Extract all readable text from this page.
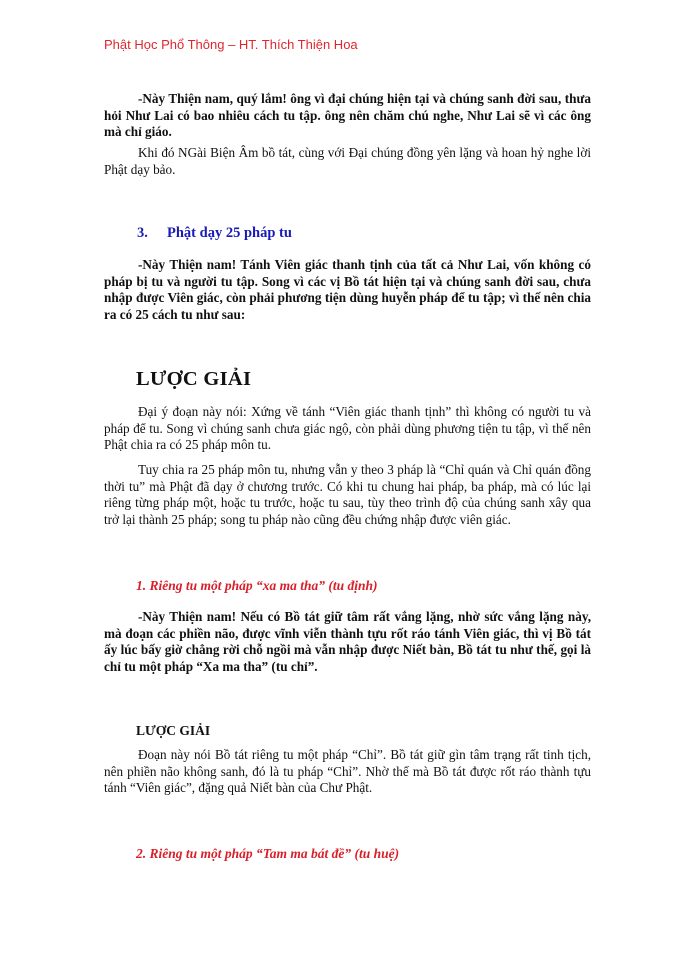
Phật Học Phổ Thông – HT. Thích Thiện Hoa
-Này Thiện nam, quý lắm! ông vì đại chúng hiện tại và chúng sanh đời sau, thưa hỏi Như Lai có bao nhiêu cách tu tập. ông nên chăm chú nghe, Như Lai sẽ vì các ông mà chỉ giáo.
Khi đó NGài Biện Âm bồ tát, cùng với Đại chúng đồng yên lặng và hoan hỷ nghe lời Phật dạy bảo.
3. Phật dạy 25 pháp tu
-Này Thiện nam! Tánh Viên giác thanh tịnh của tất cả Như Lai, vốn không có pháp bị tu và người tu tập. Song vì các vị Bồ tát hiện tại và chúng sanh đời sau, chưa nhập được Viên giác, còn phải phương tiện dùng huyễn pháp để tu tập; vì thế nên chia ra có 25 cách tu như sau:
LƯỢC GIẢI
Đại ý đoạn này nói: Xứng về tánh “Viên giác thanh tịnh” thì không có người tu và pháp để tu. Song vì chúng sanh chưa giác ngộ, còn phải dùng phương tiện tu tập, vì thế nên Phật chia ra có 25 pháp môn tu.
Tuy chia ra 25 pháp môn tu, nhưng vẫn y theo 3 pháp là “Chỉ quán và Chỉ quán đồng thời tu” mà Phật đã dạy ở chương trước. Có khi tu chung hai pháp, ba pháp, mà có lúc lại riêng từng pháp một, hoặc tu trước, hoặc tu sau, tùy theo trình độ của chúng sanh xây qua trở lại thành 25 pháp; song tu pháp nào cũng đều chứng nhập được viên giác.
1. Riêng tu một pháp “xa ma tha” (tu định)
-Này Thiện nam! Nếu có Bồ tát giữ tâm rất vắng lặng, nhờ sức vắng lặng này, mà đoạn các phiền não, được vĩnh viễn thành tựu rốt ráo tánh Viên giác, thì vị Bồ tát ấy lúc bấy giờ chẳng rời chỗ ngồi mà vẫn nhập được Niết bàn, Bồ tát tu như thế, gọi là chỉ tu một pháp “Xa ma tha” (tu chỉ”.
LƯỢC GIẢI
Đoạn này nói Bồ tát riêng tu một pháp “Chỉ”. Bồ tát giữ gìn tâm trạng rất tinh tịch, nên phiền não không sanh, đó là tu pháp “Chỉ”. Nhờ thế mà Bồ tát được rốt ráo thành tựu tánh “Viên giác”, đặng quả Niết bàn của Chư Phật.
2. Riêng tu một pháp “Tam ma bát đề” (tu huệ)
